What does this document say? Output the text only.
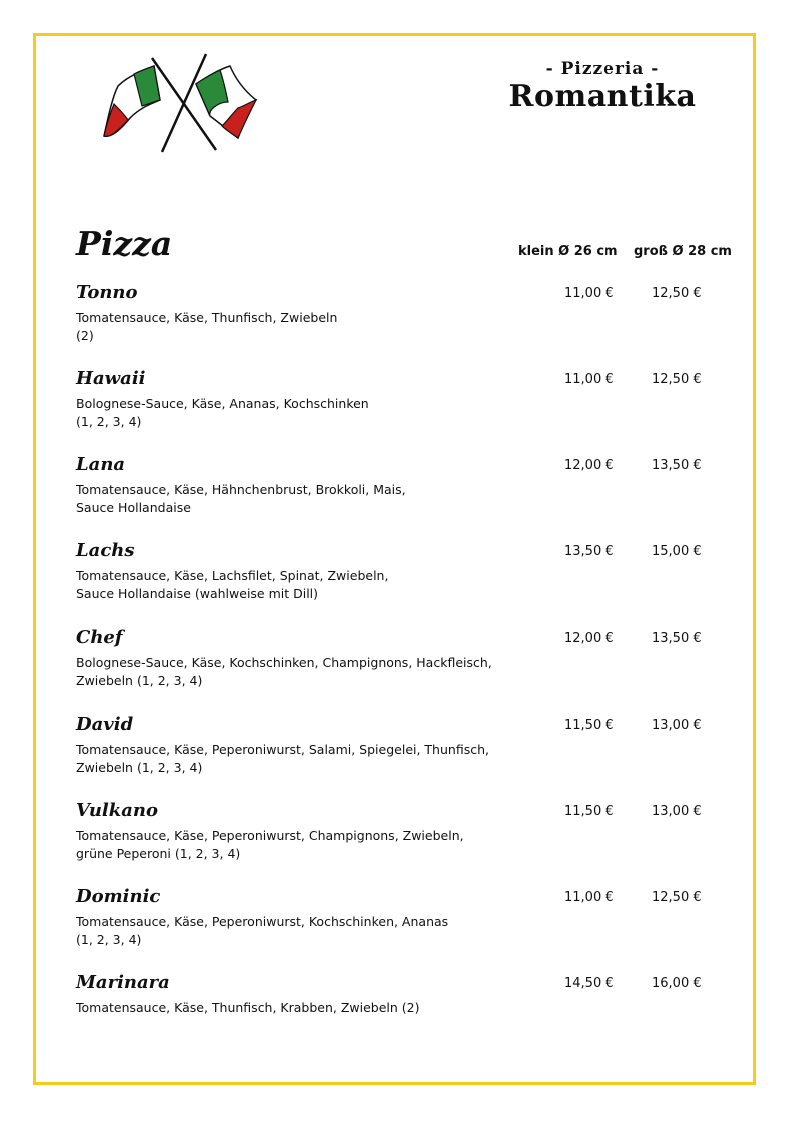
- Pizzeria -
Romantika
Pizza	klein Ø 26 cm groß Ø 28 cm
Tonno	11,00 €	12,50 €
Tomatensauce, Käse, Thunfisch, Zwiebeln
(2)
Hawaii	11,00 €	12,50 €
Bolognese-Sauce, Käse, Ananas, Kochschinken
(1, 2, 3, 4)
Lana	12,00 €	13,50 €
Tomatensauce, Käse, Hähnchenbrust, Brokkoli, Mais,
Sauce Hollandaise
Lachs	13,50 €	15,00 €
Tomatensauce, Käse, Lachsfilet, Spinat, Zwiebeln,
Sauce Hollandaise (wahlweise mit Dill)
Chef	12,00 €	13,50 €
Bolognese-Sauce, Käse, Kochschinken, Champignons, Hackfleisch,
Zwiebeln (1, 2, 3, 4)
David	11,50 €	13,00 €
Tomatensauce, Käse, Peperoniwurst, Salami, Spiegelei, Thunfisch,
Zwiebeln (1, 2, 3, 4)
Vulkano	11,50 €	13,00 €
Tomatensauce, Käse, Peperoniwurst, Champignons, Zwiebeln,
grüne Peperoni (1, 2, 3, 4)
Dominic	11,00 €	12,50 €
Tomatensauce, Käse, Peperoniwurst, Kochschinken, Ananas
(1, 2, 3, 4)
Marinara	14,50 €	16,00 €
Tomatensauce, Käse, Thunfisch, Krabben, Zwiebeln (2)
